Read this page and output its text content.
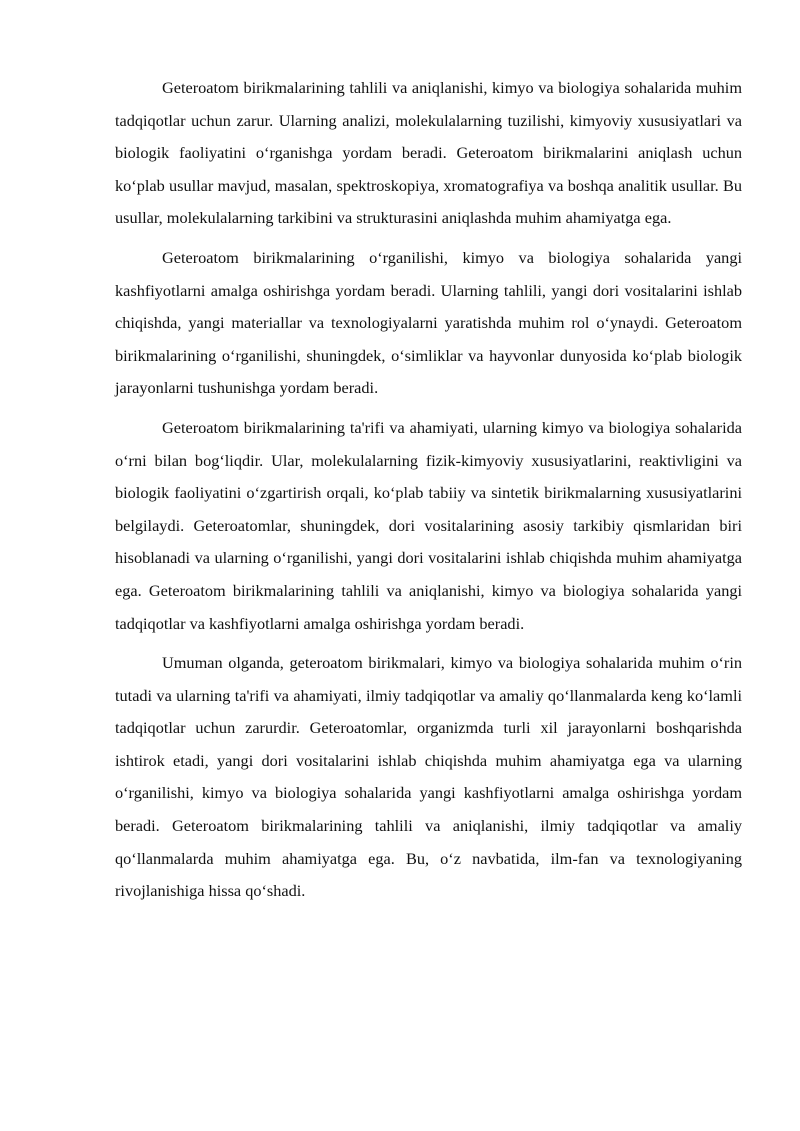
Geteroatom birikmalarining tahlili va aniqlanishi, kimyo va biologiya sohalarida muhim tadqiqotlar uchun zarur. Ularning analizi, molekulalarning tuzilishi, kimyoviy xususiyatlari va biologik faoliyatini o‘rganishga yordam beradi. Geteroatom birikmalarini aniqlash uchun ko‘plab usullar mavjud, masalan, spektroskopiya, xromatografiya va boshqa analitik usullar. Bu usullar, molekulalarning tarkibini va strukturasini aniqlashda muhim ahamiyatga ega.

Geteroatom birikmalarining o‘rganilishi, kimyo va biologiya sohalarida yangi kashfiyotlarni amalga oshirishga yordam beradi. Ularning tahlili, yangi dori vositalarini ishlab chiqishda, yangi materiallar va texnologiyalarni yaratishda muhim rol o‘ynaydi. Geteroatom birikmalarining o‘rganilishi, shuningdek, o‘simliklar va hayvonlar dunyosida ko‘plab biologik jarayonlarni tushunishga yordam beradi.

Geteroatom birikmalarining ta'rifi va ahamiyati, ularning kimyo va biologiya sohalarida o‘rni bilan bog‘liqdir. Ular, molekulalarning fizik-kimyoviy xususiyatlarini, reaktivligini va biologik faoliyatini o‘zgartirish orqali, ko‘plab tabiiy va sintetik birikmalarning xususiyatlarini belgilaydi. Geteroatomlar, shuningdek, dori vositalarining asosiy tarkibiy qismlaridan biri hisoblanadi va ularning o‘rganilishi, yangi dori vositalarini ishlab chiqishda muhim ahamiyatga ega. Geteroatom birikmalarining tahlili va aniqlanishi, kimyo va biologiya sohalarida yangi tadqiqotlar va kashfiyotlarni amalga oshirishga yordam beradi.

Umuman olganda, geteroatom birikmalari, kimyo va biologiya sohalarida muhim o‘rin tutadi va ularning ta'rifi va ahamiyati, ilmiy tadqiqotlar va amaliy qo‘llanmalarda keng ko‘lamli tadqiqotlar uchun zarurdir. Geteroatomlar, organizmda turli xil jarayonlarni boshqarishda ishtirok etadi, yangi dori vositalarini ishlab chiqishda muhim ahamiyatga ega va ularning o‘rganilishi, kimyo va biologiya sohalarida yangi kashfiyotlarni amalga oshirishga yordam beradi. Geteroatom birikmalarining tahlili va aniqlanishi, ilmiy tadqiqotlar va amaliy qo‘llanmalarda muhim ahamiyatga ega. Bu, o‘z navbatida, ilm-fan va texnologiyaning rivojlanishiga hissa qo‘shadi.
